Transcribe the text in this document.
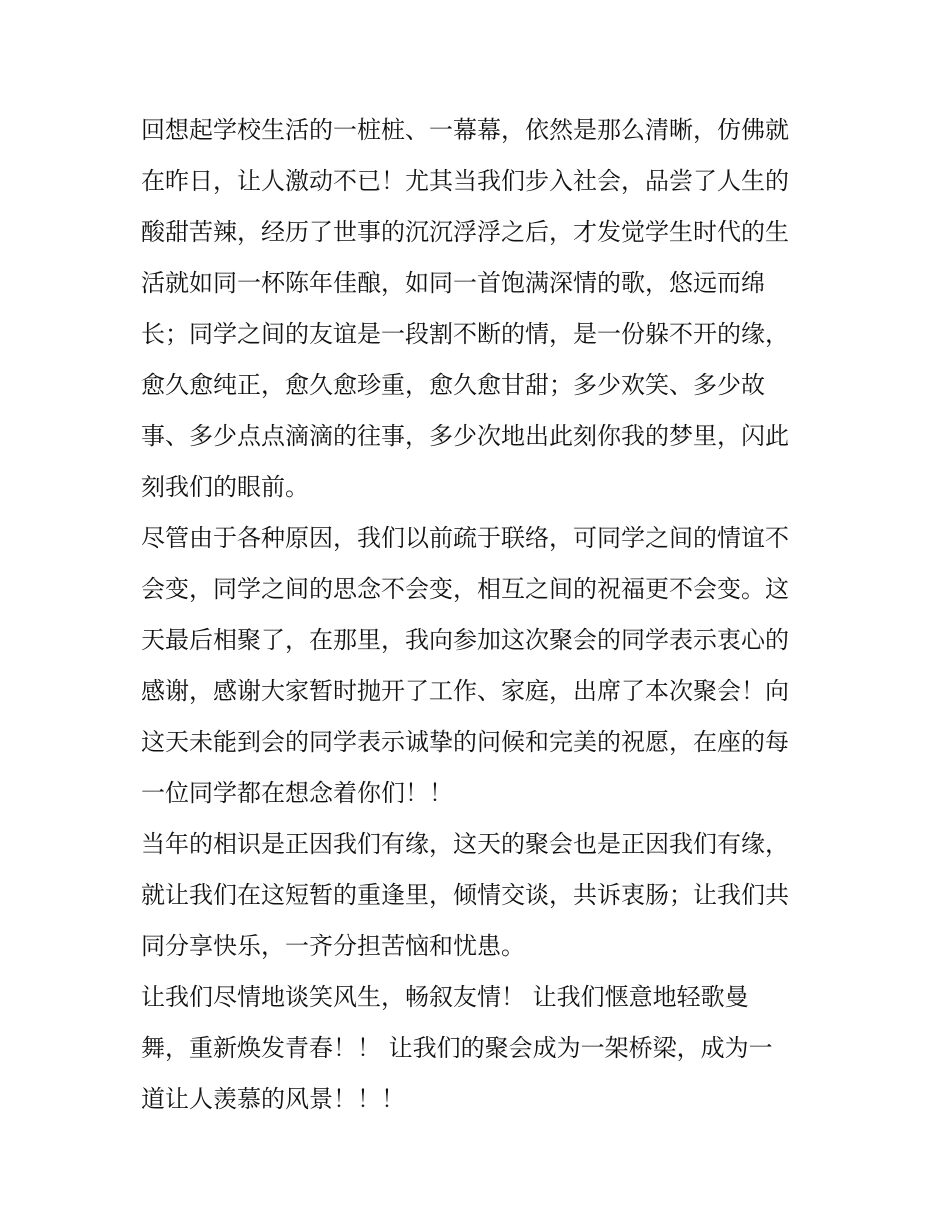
回想起学校生活的一桩桩、一幕幕，依然是那么清晰，仿佛就
在昨日，让人激动不已！尤其当我们步入社会，品尝了人生的
酸甜苦辣，经历了世事的沉沉浮浮之后，才发觉学生时代的生
活就如同一杯陈年佳酿，如同一首饱满深情的歌，悠远而绵
长；同学之间的友谊是一段割不断的情，是一份躲不开的缘，
愈久愈纯正，愈久愈珍重，愈久愈甘甜；多少欢笑、多少故
事、多少点点滴滴的往事，多少次地出此刻你我的梦里，闪此
刻我们的眼前。
尽管由于各种原因，我们以前疏于联络，可同学之间的情谊不
会变，同学之间的思念不会变，相互之间的祝福更不会变。这
天最后相聚了，在那里，我向参加这次聚会的同学表示衷心的
感谢，感谢大家暂时抛开了工作、家庭，出席了本次聚会！向
这天未能到会的同学表示诚挚的问候和完美的祝愿，在座的每
一位同学都在想念着你们！！
当年的相识是正因我们有缘，这天的聚会也是正因我们有缘，
就让我们在这短暂的重逢里，倾情交谈，共诉衷肠；让我们共
同分享快乐，一齐分担苦恼和忧患。
让我们尽情地谈笑风生，畅叙友情！ 让我们惬意地轻歌曼
舞，重新焕发青春！！ 让我们的聚会成为一架桥梁，成为一
道让人羡慕的风景！！！
